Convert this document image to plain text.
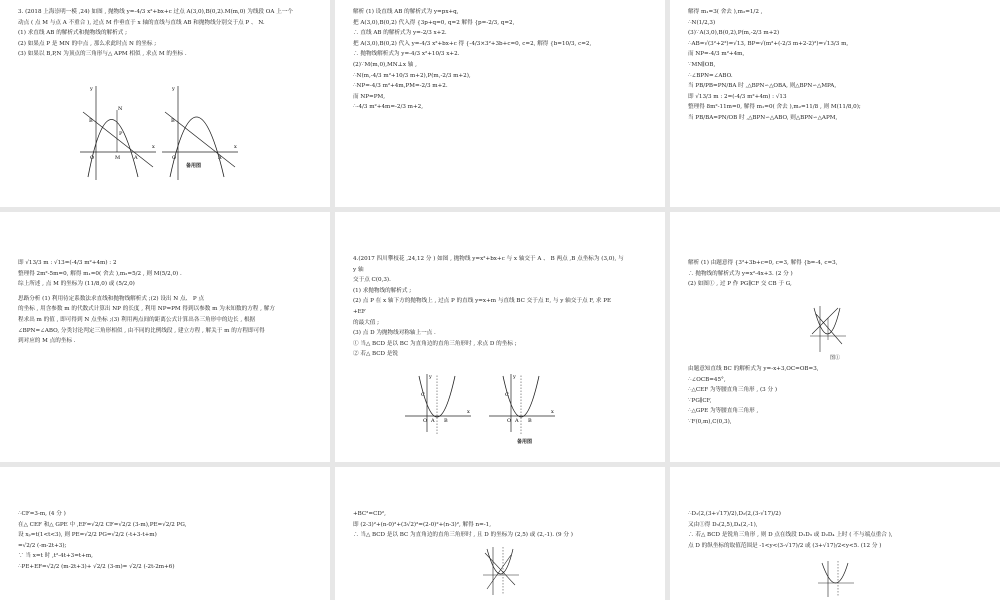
3. (2018 上海崇明一模 ,24) 如图 , 抛物线 y=-4/3 x²+bx+c 过点 A(3,0),B(0,2).M(m,0) 为线段 OA 上一个
动点 ( 点 M 与点 A 不重合 ), 过点 M 作垂直于 x 轴的直线与直线 AB 和抛物线分别交于点 P 、 N.
(1) 求直线 AB 的解析式和抛物线的解析式 ;
(2) 如果点 P 是 MN 的中点 , 那么求此时点 N 的坐标 ;
(3) 如果以 B,P,N 为顶点的三角形与△ APM 相似 , 求点 M 的坐标 .
y
x
O
B
N
P
M	A
y
x
O
B
A
备用图
解析 (1) 设直线 AB 的解析式为 y=px+q,
把 A(3,0),B(0,2) 代入得 {3p+q=0, q=2 解得 {p=-2/3, q=2,
∴ 直线 AB 的解析式为 y=-2/3 x+2.
把 A(3,0),B(0,2) 代入 y=-4/3 x²+bx+c 得 {-4/3×3²+3b+c=0, c=2, 解得 {b=10/3, c=2,
∴ 抛物线解析式为 y=-4/3 x²+10/3 x+2.
(2)∵M(m,0),MN⊥x 轴 ,
∴N(m,-4/3 m²+10/3 m+2),P(m,-2/3 m+2),
∴NP=-4/3 m²+4m,PM=-2/3 m+2.
而 NP=PM,
∴-4/3 m²+4m=-2/3 m+2,
解得 m₁=3( 舍去 ),m₂=1/2 ,
∴N(1/2,3)
(3)∵A(3,0),B(0,2),P(m,-2/3 m+2)
∴AB=√(3²+2²)=√13, BP=√(m²+(-2/3 m+2-2)²)=√13/3 m,
而 NP=-4/3 m²+4m,
∵MN∥OB,
∴∠BPN=∠ABO.
当 PB/PB=PN/BA 时 ,△BPN∽△OBA, 则△BPN∽△MPA,
即 √13/3 m : 2=(-4/3 m²+4m) : √13
整理得 8m²-11m=0, 解得 m₁=0( 舍去 ),m₂=11/8 , 则 M(11/8,0);
当 PB/BA=PN/OB 时 ,△BPN∽△ABO, 则△BPN∽△APM,
即 √13/3 m : √13=(-4/3 m²+4m) : 2
整理得 2m²-5m=0, 解得 m₁=0( 舍去 ),m₂=5/2 , 则 M(5/2,0) .
综上所述 , 点 M 的坐标为 (11/8,0) 或 (5/2,0)
思路分析 (1) 利用待定系数法求直线和抛物线解析式 ;(2) 设出 N 点、 P 点
的坐标 , 用含参数 m 的代数式计算出 NP 的长度 , 利用 NP=PM 得到以参数 m 为未知数的方程 , 解方
程求出 m 的值 , 即可得到 N 点坐标 ;(3) 利用两点间的距离公式计算出各三角形中的边长 , 根据
∠BPN=∠ABO, 分类讨论判定三角形相似 , 由不同的比例线段 , 建立方程 , 解关于 m 的方程即可得
到对应的 M 点的坐标 .
4.(2017 四川攀枝花 ,24,12 分 ) 如图 , 抛物线 y=x²+bx+c 与 x 轴交于 A 、 B 两点 ,B 点坐标为 (3,0), 与
y 轴
交于点 C(0,3).
(1) 求抛物线的解析式 ;
(2) 点 P 在 x 轴下方的抛物线上 , 过点 P 的直线 y=x+m 与直线 BC 交于点 E, 与 y 轴交于点 F, 求 PE
+EF
的最大值 ;
(3) 点 D 为抛物线对称轴上一点 .
① 当△ BCD 是以 BC 为直角边的直角三角形时 , 求点 D 的坐标 ;
② 若△ BCD 是锐
C
O A B
x
y
C
O A B
x
y
备用图
解析 (1) 由题意得 {3²+3b+c=0, c=3, 解得 {b=-4, c=3,
∴ 抛物线的解析式为 y=x²-4x+3. (2 分 )
(2) 如图① , 过 P 作 PG∥CF 交 CB 于 G,
图①
由题意知直线 BC 的解析式为 y=-x+3,OC=OB=3,
∴∠OCB=45°,
∴△CEF 为等腰直角三角形 , (3 分 )
∵PG∥CF,
∴△GPE 为等腰直角三角形 ,
∵F(0,m),C(0,3),
∴CF=3-m, (4 分 )
在△ CEF 和△ GPE 中 ,EF=√2/2 CF=√2/2 (3-m),PE=√2/2 PG,
设 xₚ=t(1<t<3), 则 PE=√2/2 PG=√2/2 (-t+3-t+m)
=√2/2 (-m-2t+3);
∵ 当 x=t 时 ,t²-4t+3=t+m,
∴PE+EF=√2/2 (m-2t+3)+ √2/2 (3-m)= √2/2 (-2t-2m+6)
+BC²=CD²,
即 (2-3)²+(n-0)²+(3√2)²=(2-0)²+(n-3)², 解得 n=-1,
∴ 当△ BCD 是以 BC 为直角边的直角三角形时 , 且 D 的坐标为 (2,5) 或 (2,-1). (9 分 )
∴D₁(2,(3+√17)/2),D₂(2,(3-√17)/2)
又由①得 D₃(2,5),D₄(2,-1),
∴ 若△ BCD 是锐角三角形 , 则 D 点在线段 D₁D₃ 或 D₂D₄ 上时 ( 不与端点重合 ),
点 D 的纵坐标的取值范围是 -1<y<(3-√17)/2 或 (3+√17)/2<y<5. (12 分 )
